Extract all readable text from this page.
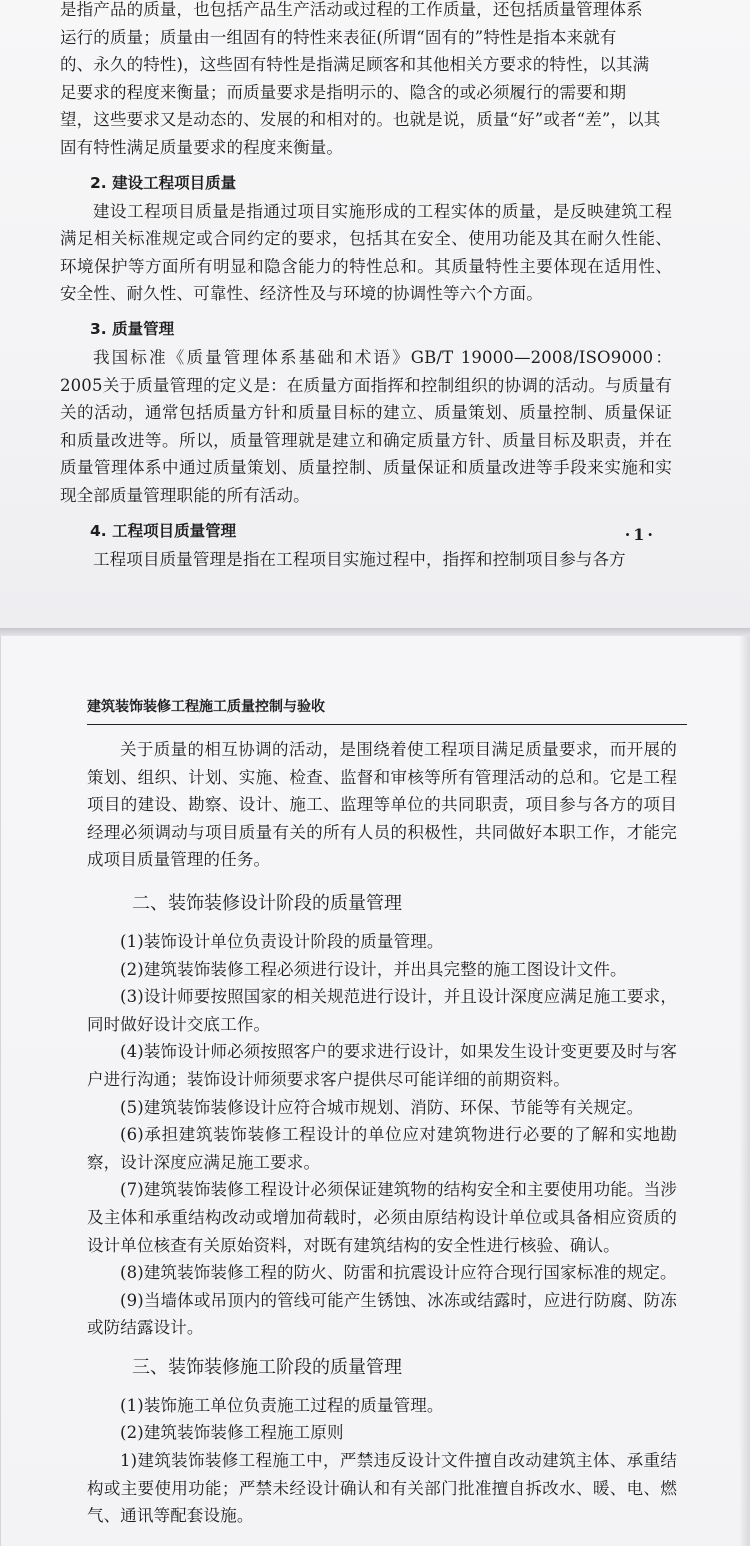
是指产品的质量，也包括产品生产活动或过程的工作质量，还包括质量管理体系

运行的质量；质量由一组固有的特性来表征(所谓“固有的”特性是指本来就有

的、永久的特性)，这些固有特性是指满足顾客和其他相关方要求的特性，以其满

足要求的程度来衡量；而质量要求是指明示的、隐含的或必须履行的需要和期

望，这些要求又是动态的、发展的和相对的。也就是说，质量“好”或者“差”，以其

固有特性满足质量要求的程度来衡量。

2. 建设工程项目质量

建设工程项目质量是指通过项目实施形成的工程实体的质量，是反映建筑工程满足相关标准规定或合同约定的要求，包括其在安全、使用功能及其在耐久性能、环境保护等方面所有明显和隐含能力的特性总和。其质量特性主要体现在适用性、安全性、耐久性、可靠性、经济性及与环境的协调性等六个方面。

3. 质量管理

我国标准《质量管理体系基础和术语》GB/T 19000—2008/ISO9000：2005关于质量管理的定义是：在质量方面指挥和控制组织的协调的活动。与质量有关的活动，通常包括质量方针和质量目标的建立、质量策划、质量控制、质量保证和质量改进等。所以，质量管理就是建立和确定质量方针、质量目标及职责，并在质量管理体系中通过质量策划、质量控制、质量保证和质量改进等手段来实施和实现全部质量管理职能的所有活动。

4. 工程项目质量管理

工程项目质量管理是指在工程项目实施过程中，指挥和控制项目参与各方

·1·
建筑装饰装修工程施工质量控制与验收

关于质量的相互协调的活动，是围绕着使工程项目满足质量要求，而开展的策划、组织、计划、实施、检查、监督和审核等所有管理活动的总和。它是工程项目的建设、勘察、设计、施工、监理等单位的共同职责，项目参与各方的项目经理必须调动与项目质量有关的所有人员的积极性，共同做好本职工作，才能完成项目质量管理的任务。

二、装饰装修设计阶段的质量管理

(1)装饰设计单位负责设计阶段的质量管理。

(2)建筑装饰装修工程必须进行设计，并出具完整的施工图设计文件。

(3)设计师要按照国家的相关规范进行设计，并且设计深度应满足施工要求，同时做好设计交底工作。

(4)装饰设计师必须按照客户的要求进行设计，如果发生设计变更要及时与客户进行沟通；装饰设计师须要求客户提供尽可能详细的前期资料。

(5)建筑装饰装修设计应符合城市规划、消防、环保、节能等有关规定。

(6)承担建筑装饰装修工程设计的单位应对建筑物进行必要的了解和实地勘察，设计深度应满足施工要求。

(7)建筑装饰装修工程设计必须保证建筑物的结构安全和主要使用功能。当涉及主体和承重结构改动或增加荷载时，必须由原结构设计单位或具备相应资质的设计单位核查有关原始资料，对既有建筑结构的安全性进行核验、确认。

(8)建筑装饰装修工程的防火、防雷和抗震设计应符合现行国家标准的规定。

(9)当墙体或吊顶内的管线可能产生锈蚀、冰冻或结露时，应进行防腐、防冻或防结露设计。

三、装饰装修施工阶段的质量管理

(1)装饰施工单位负责施工过程的质量管理。

(2)建筑装饰装修工程施工原则

1)建筑装饰装修工程施工中，严禁违反设计文件擅自改动建筑主体、承重结构或主要使用功能；严禁未经设计确认和有关部门批准擅自拆改水、暖、电、燃气、通讯等配套设施。
